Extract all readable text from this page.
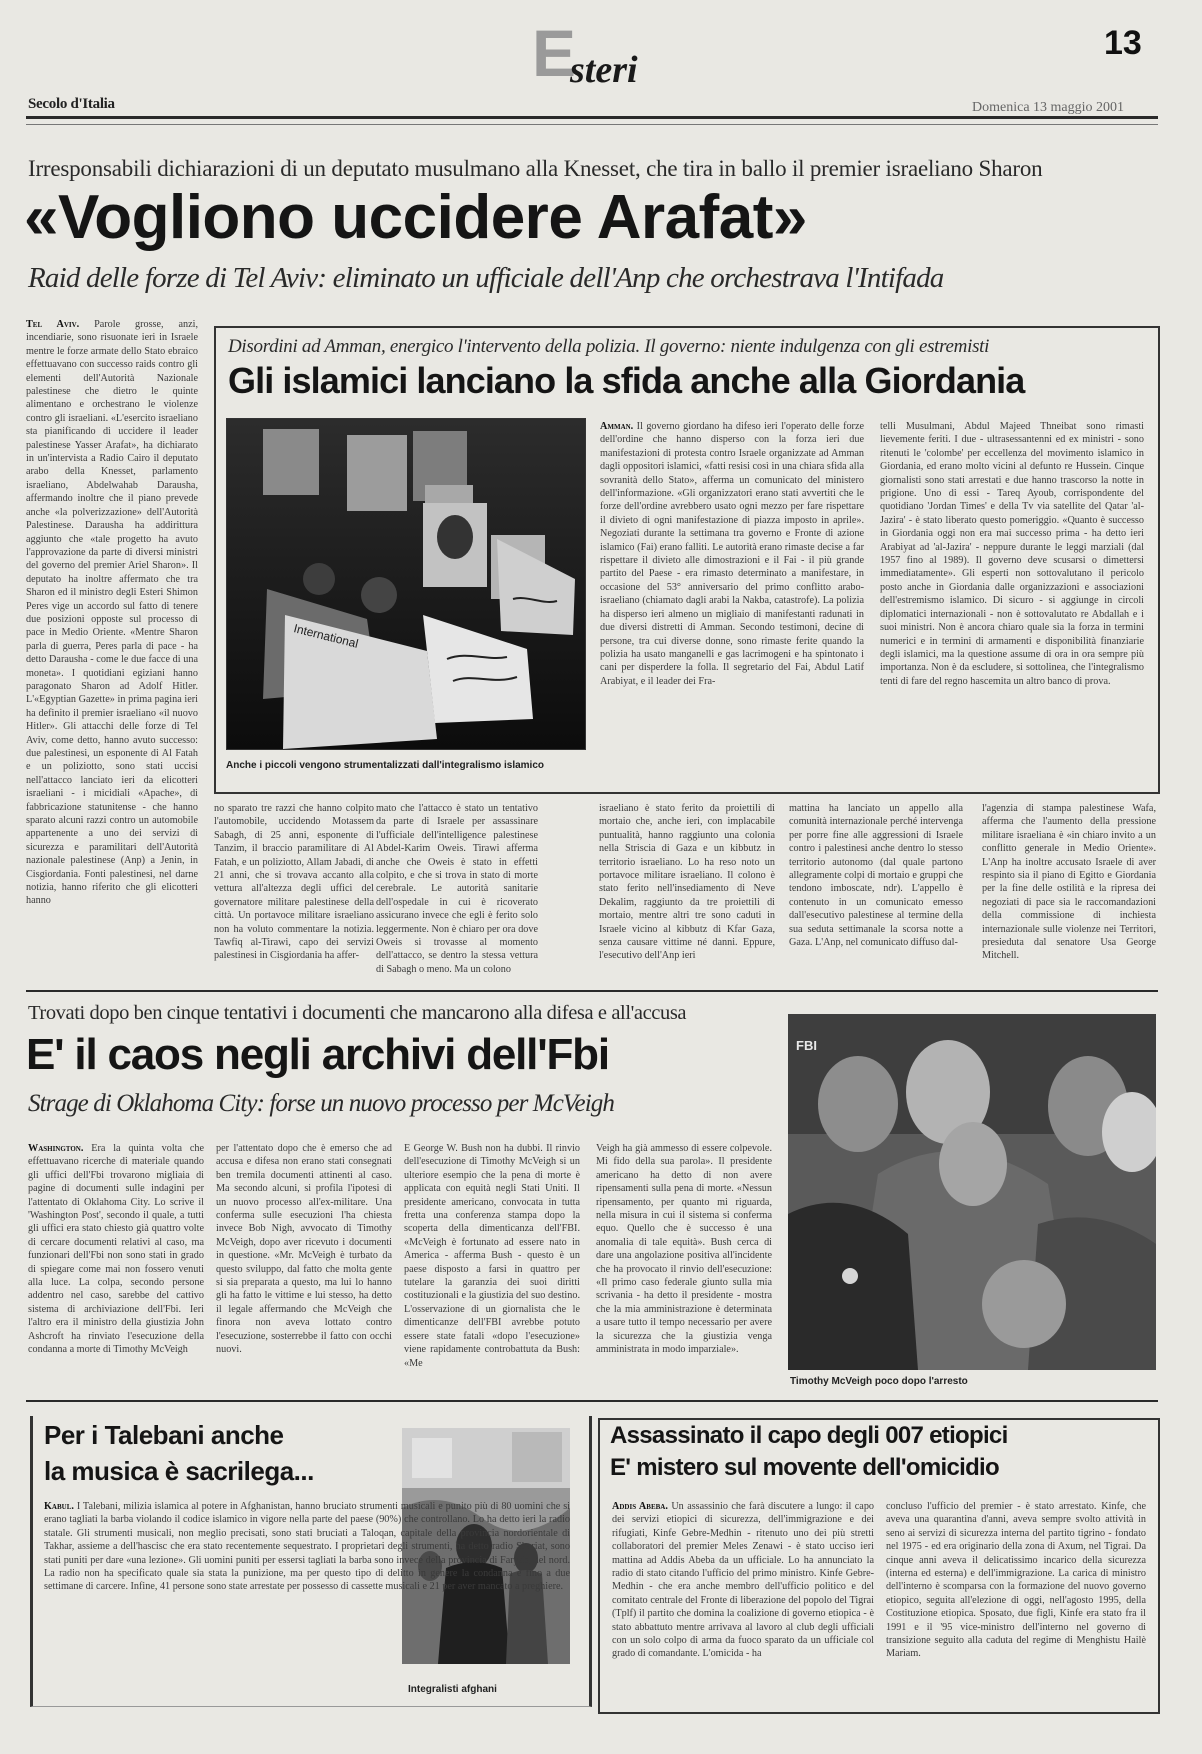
E
steri
13
Secolo d'Italia	Domenica 13 maggio 2001
Irresponsabili dichiarazioni di un deputato musulmano alla Knesset, che tira in ballo il premier israeliano Sharon
«Vogliono uccidere Arafat»
Raid delle forze di Tel Aviv: eliminato un ufficiale dell'Anp che orchestrava l'Intifada
Tel Aviv. Parole grosse, anzi, incendiarie, sono risuonate ieri in Israele mentre le forze armate dello Stato ebraico effettuavano con successo raids contro gli elementi dell'Autorità Nazionale palestinese che dietro le quinte alimentano e orchestrano le violenze contro gli israeliani. «L'esercito israeliano sta pianificando di uccidere il leader palestinese Yasser Arafat», ha dichiarato in un'intervista a Radio Cairo il deputato arabo della Knesset, parlamento israeliano, Abdelwahab Darausha, affermando inoltre che il piano prevede anche «la polverizzazione» dell'Autorità Palestinese. Darausha ha addirittura aggiunto che «tale progetto ha avuto l'approvazione da parte di diversi ministri del governo del premier Ariel Sharon». Il deputato ha inoltre affermato che tra Sharon ed il ministro degli Esteri Shimon Peres vige un accordo sul fatto di tenere due posizioni opposte sul processo di pace in Medio Oriente. «Mentre Sharon parla di guerra, Peres parla di pace - ha detto Darausha - come le due facce di una moneta». I quotidiani egiziani hanno paragonato Sharon ad Adolf Hitler. L'«Egyptian Gazette» in prima pagina ieri ha definito il premier israeliano «il nuovo Hitler». Gli attacchi delle forze di Tel Aviv, come detto, hanno avuto successo: due palestinesi, un esponente di Al Fatah e un poliziotto, sono stati uccisi nell'attacco lanciato ieri da elicotteri israeliani - i micidiali «Apache», di fabbricazione statunitense - che hanno sparato alcuni razzi contro un automobile appartenente a uno dei servizi di sicurezza e paramilitari dell'Autorità nazionale palestinese (Anp) a Jenin, in Cisgiordania. Fonti palestinesi, nel darne notizia, hanno riferito che gli elicotteri hanno
Disordini ad Amman, energico l'intervento della polizia. Il governo: niente indulgenza con gli estremisti
Gli islamici lanciano la sfida anche alla Giordania
International
Anche i piccoli vengono strumentalizzati dall'integralismo islamico
Amman. Il governo giordano ha difeso ieri l'operato delle forze dell'ordine che hanno disperso con la forza ieri due manifestazioni di protesta contro Israele organizzate ad Amman dagli oppositori islamici, «fatti resisi così in una chiara sfida alla sovranità dello Stato», afferma un comunicato del ministero dell'informazione. «Gli organizzatori erano stati avvertiti che le forze dell'ordine avrebbero usato ogni mezzo per fare rispettare il divieto di ogni manifestazione di piazza imposto in aprile». Negoziati durante la settimana tra governo e Fronte di azione islamico (Fai) erano falliti. Le autorità erano rimaste decise a far rispettare il divieto alle dimostrazioni e il Fai - il più grande partito del Paese - era rimasto determinato a manifestare, in occasione del 53° anniversario del primo conflitto arabo-israeliano (chiamato dagli arabi la Nakba, catastrofe). La polizia ha disperso ieri almeno un migliaio di manifestanti radunati in due diversi distretti di Amman. Secondo testimoni, decine di persone, tra cui diverse donne, sono rimaste ferite quando la polizia ha usato manganelli e gas lacrimogeni e ha spintonato i cani per disperdere la folla. Il segretario del Fai, Abdul Latif Arabiyat, e il leader dei Fra-
telli Musulmani, Abdul Majeed Thneibat sono rimasti lievemente feriti. I due - ultrasessantenni ed ex ministri - sono ritenuti le 'colombe' per eccellenza del movimento islamico in Giordania, ed erano molto vicini al defunto re Hussein. Cinque giornalisti sono stati arrestati e due hanno trascorso la notte in prigione. Uno di essi - Tareq Ayoub, corrispondente del quotidiano 'Jordan Times' e della Tv via satellite del Qatar 'al-Jazira' - è stato liberato questo pomeriggio. «Quanto è successo in Giordania oggi non era mai successo prima - ha detto ieri Arabiyat ad 'al-Jazira' - neppure durante le leggi marziali (dal 1957 fino al 1989). Il governo deve scusarsi o dimettersi immediatamente». Gli esperti non sottovalutano il pericolo posto anche in Giordania dalle organizzazioni e associazioni dell'estremismo islamico. Di sicuro - si aggiunge in circoli diplomatici internazionali - non è sottovalutato re Abdallah e i suoi ministri. Non è ancora chiaro quale sia la forza in termini numerici e in termini di armamenti e disponibilità finanziarie degli islamici, ma la questione assume di ora in ora sempre più importanza. Non è da escludere, si sottolinea, che l'integralismo tenti di fare del regno hascemita un altro banco di prova.
no sparato tre razzi che hanno colpito l'automobile, uccidendo Motassem Sabagh, di 25 anni, esponente di Tanzim, il braccio paramilitare di Al Fatah, e un poliziotto, Allam Jabadi, di 21 anni, che si trovava accanto alla vettura all'altezza degli uffici del governatore militare palestinese della città. Un portavoce militare israeliano non ha voluto commentare la notizia. Tawfiq al-Tirawi, capo dei servizi palestinesi in Cisgiordania ha affer-
mato che l'attacco è stato un tentativo da parte di Israele per assassinare l'ufficiale dell'intelligence palestinese Abdel-Karim Oweis. Tirawi afferma anche che Oweis è stato in effetti colpito, e che si trova in stato di morte cerebrale. Le autorità sanitarie dell'ospedale in cui è ricoverato assicurano invece che egli è ferito solo leggermente. Non è chiaro per ora dove Oweis si trovasse al momento dell'attacco, se dentro la stessa vettura di Sabagh o meno. Ma un colono
israeliano è stato ferito da proiettili di mortaio che, anche ieri, con implacabile puntualità, hanno raggiunto una colonia nella Striscia di Gaza e un kibbutz in territorio israeliano. Lo ha reso noto un portavoce militare israeliano. Il colono è stato ferito nell'insediamento di Neve Dekalim, raggiunto da tre proiettili di mortaio, mentre altri tre sono caduti in Israele vicino al kibbutz di Kfar Gaza, senza causare vittime né danni. Eppure, l'esecutivo dell'Anp ieri
mattina ha lanciato un appello alla comunità internazionale perché intervenga per porre fine alle aggressioni di Israele contro i palestinesi anche dentro lo stesso territorio autonomo (dal quale partono allegramente colpi di mortaio e gruppi che tendono imboscate, ndr). L'appello è contenuto in un comunicato emesso dall'esecutivo palestinese al termine della sua seduta settimanale la scorsa notte a Gaza. L'Anp, nel comunicato diffuso dal-
l'agenzia di stampa palestinese Wafa, afferma che l'aumento della pressione militare israeliana è «in chiaro invito a un conflitto generale in Medio Oriente». L'Anp ha inoltre accusato Israele di aver respinto sia il piano di Egitto e Giordania per la fine delle ostilità e la ripresa dei negoziati di pace sia le raccomandazioni della commissione di inchiesta internazionale sulle violenze nei Territori, presieduta dal senatore Usa George Mitchell.
Trovati dopo ben cinque tentativi i documenti che mancarono alla difesa e all'accusa
E' il caos negli archivi dell'Fbi
Strage di Oklahoma City: forse un nuovo processo per McVeigh
Washington. Era la quinta volta che effettuavano ricerche di materiale quando gli uffici dell'Fbi trovarono migliaia di pagine di documenti sulle indagini per l'attentato di Oklahoma City. Lo scrive il 'Washington Post', secondo il quale, a tutti gli uffici era stato chiesto già quattro volte di cercare documenti relativi al caso, ma funzionari dell'Fbi non sono stati in grado di spiegare come mai non fossero venuti alla luce. La colpa, secondo persone addentro nel caso, sarebbe del cattivo sistema di archiviazione dell'Fbi. Ieri l'altro era il ministro della giustizia John Ashcroft ha rinviato l'esecuzione della condanna a morte di Timothy McVeigh
per l'attentato dopo che è emerso che ad accusa e difesa non erano stati consegnati ben tremila documenti attinenti al caso. Ma secondo alcuni, si profila l'ipotesi di un nuovo processo all'ex-militare. Una conferma sulle esecuzioni l'ha chiesta invece Bob Nigh, avvocato di Timothy McVeigh, dopo aver ricevuto i documenti in questione. «Mr. McVeigh è turbato da questo sviluppo, dal fatto che molta gente si sia preparata a questo, ma lui lo hanno gli ha fatto le vittime e lui stesso, ha detto il legale affermando che McVeigh che finora non aveva lottato contro l'esecuzione, sosterrebbe il fatto con occhi nuovi.
E George W. Bush non ha dubbi. Il rinvio dell'esecuzione di Timothy McVeigh si un ulteriore esempio che la pena di morte è applicata con equità negli Stati Uniti. Il presidente americano, convocata in tutta fretta una conferenza stampa dopo la scoperta della dimenticanza dell'FBI. «McVeigh è fortunato ad essere nato in America - afferma Bush - questo è un paese disposto a farsi in quattro per tutelare la garanzia dei suoi diritti costituzionali e la giustizia del suo destino. L'osservazione di un giornalista che le dimenticanze dell'FBI avrebbe potuto essere state fatali «dopo l'esecuzione» viene rapidamente controbattuta da Bush: «Me
Veigh ha già ammesso di essere colpevole. Mi fido della sua parola». Il presidente americano ha detto di non avere ripensamenti sulla pena di morte. «Nessun ripensamento, per quanto mi riguarda, nella misura in cui il sistema si conferma equo. Quello che è successo è una anomalia di tale equità». Bush cerca di dare una angolazione positiva all'incidente che ha provocato il rinvio dell'esecuzione: «Il primo caso federale giunto sulla mia scrivania - ha detto il presidente - mostra che la mia amministrazione è determinata a usare tutto il tempo necessario per avere la sicurezza che la giustizia venga amministrata in modo imparziale».
FBI
Timothy McVeigh poco dopo l'arresto
Per i Talebani anche
la musica è sacrilega...
Kabul. I Talebani, milizia islamica al potere in Afghanistan, hanno bruciato strumenti musicali e punito più di 80 uomini che si erano tagliati la barba violando il codice islamico in vigore nella parte del paese (90%) che controllano. Lo ha detto ieri la radio statale. Gli strumenti musicali, non meglio precisati, sono stati bruciati a Taloqan, capitale della provincia nordorientale di Takhar, assieme a dell'hascisc che era stato recentemente sequestrato. I proprietari degli strumenti, ha detto radio Shariat, sono stati puniti per dare «una lezione». Gli uomini puniti per essersi tagliati la barba sono invece della provincia di Faryab, nel nord. La radio non ha specificato quale sia stata la punizione, ma per questo tipo di delitto in genere la condanna è fino a due settimane di carcere. Infine, 41 persone sono state arrestate per possesso di cassette musicali e 21 per aver mancato a preghiere.
Integralisti afghani
Assassinato il capo degli 007 etiopici
E' mistero sul movente dell'omicidio
Addis Abeba. Un assassinio che farà discutere a lungo: il capo dei servizi etiopici di sicurezza, dell'immigrazione e dei rifugiati, Kinfe Gebre-Medhin - ritenuto uno dei più stretti collaboratori del premier Meles Zenawi - è stato ucciso ieri mattina ad Addis Abeba da un ufficiale. Lo ha annunciato la radio di stato citando l'ufficio del primo ministro. Kinfe Gebre-Medhin - che era anche membro dell'ufficio politico e del comitato centrale del Fronte di liberazione del popolo del Tigrai (Tplf) il partito che domina la coalizione di governo etiopica - è stato abbattuto mentre arrivava al lavoro al club degli ufficiali con un solo colpo di arma da fuoco sparato da un ufficiale col grado di comandante. L'omicida - ha
concluso l'ufficio del premier - è stato arrestato. Kinfe, che aveva una quarantina d'anni, aveva sempre svolto attività in seno ai servizi di sicurezza interna del partito tigrino - fondato nel 1975 - ed era originario della zona di Axum, nel Tigrai. Da cinque anni aveva il delicatissimo incarico della sicurezza (interna ed esterna) e dell'immigrazione. La carica di ministro dell'interno è scomparsa con la formazione del nuovo governo etiopico, seguita all'elezione di oggi, nell'agosto 1995, della Costituzione etiopica. Sposato, due figli, Kinfe era stato fra il 1991 e il '95 vice-ministro dell'interno nel governo di transizione seguito alla caduta del regime di Menghistu Hailè Mariam.
